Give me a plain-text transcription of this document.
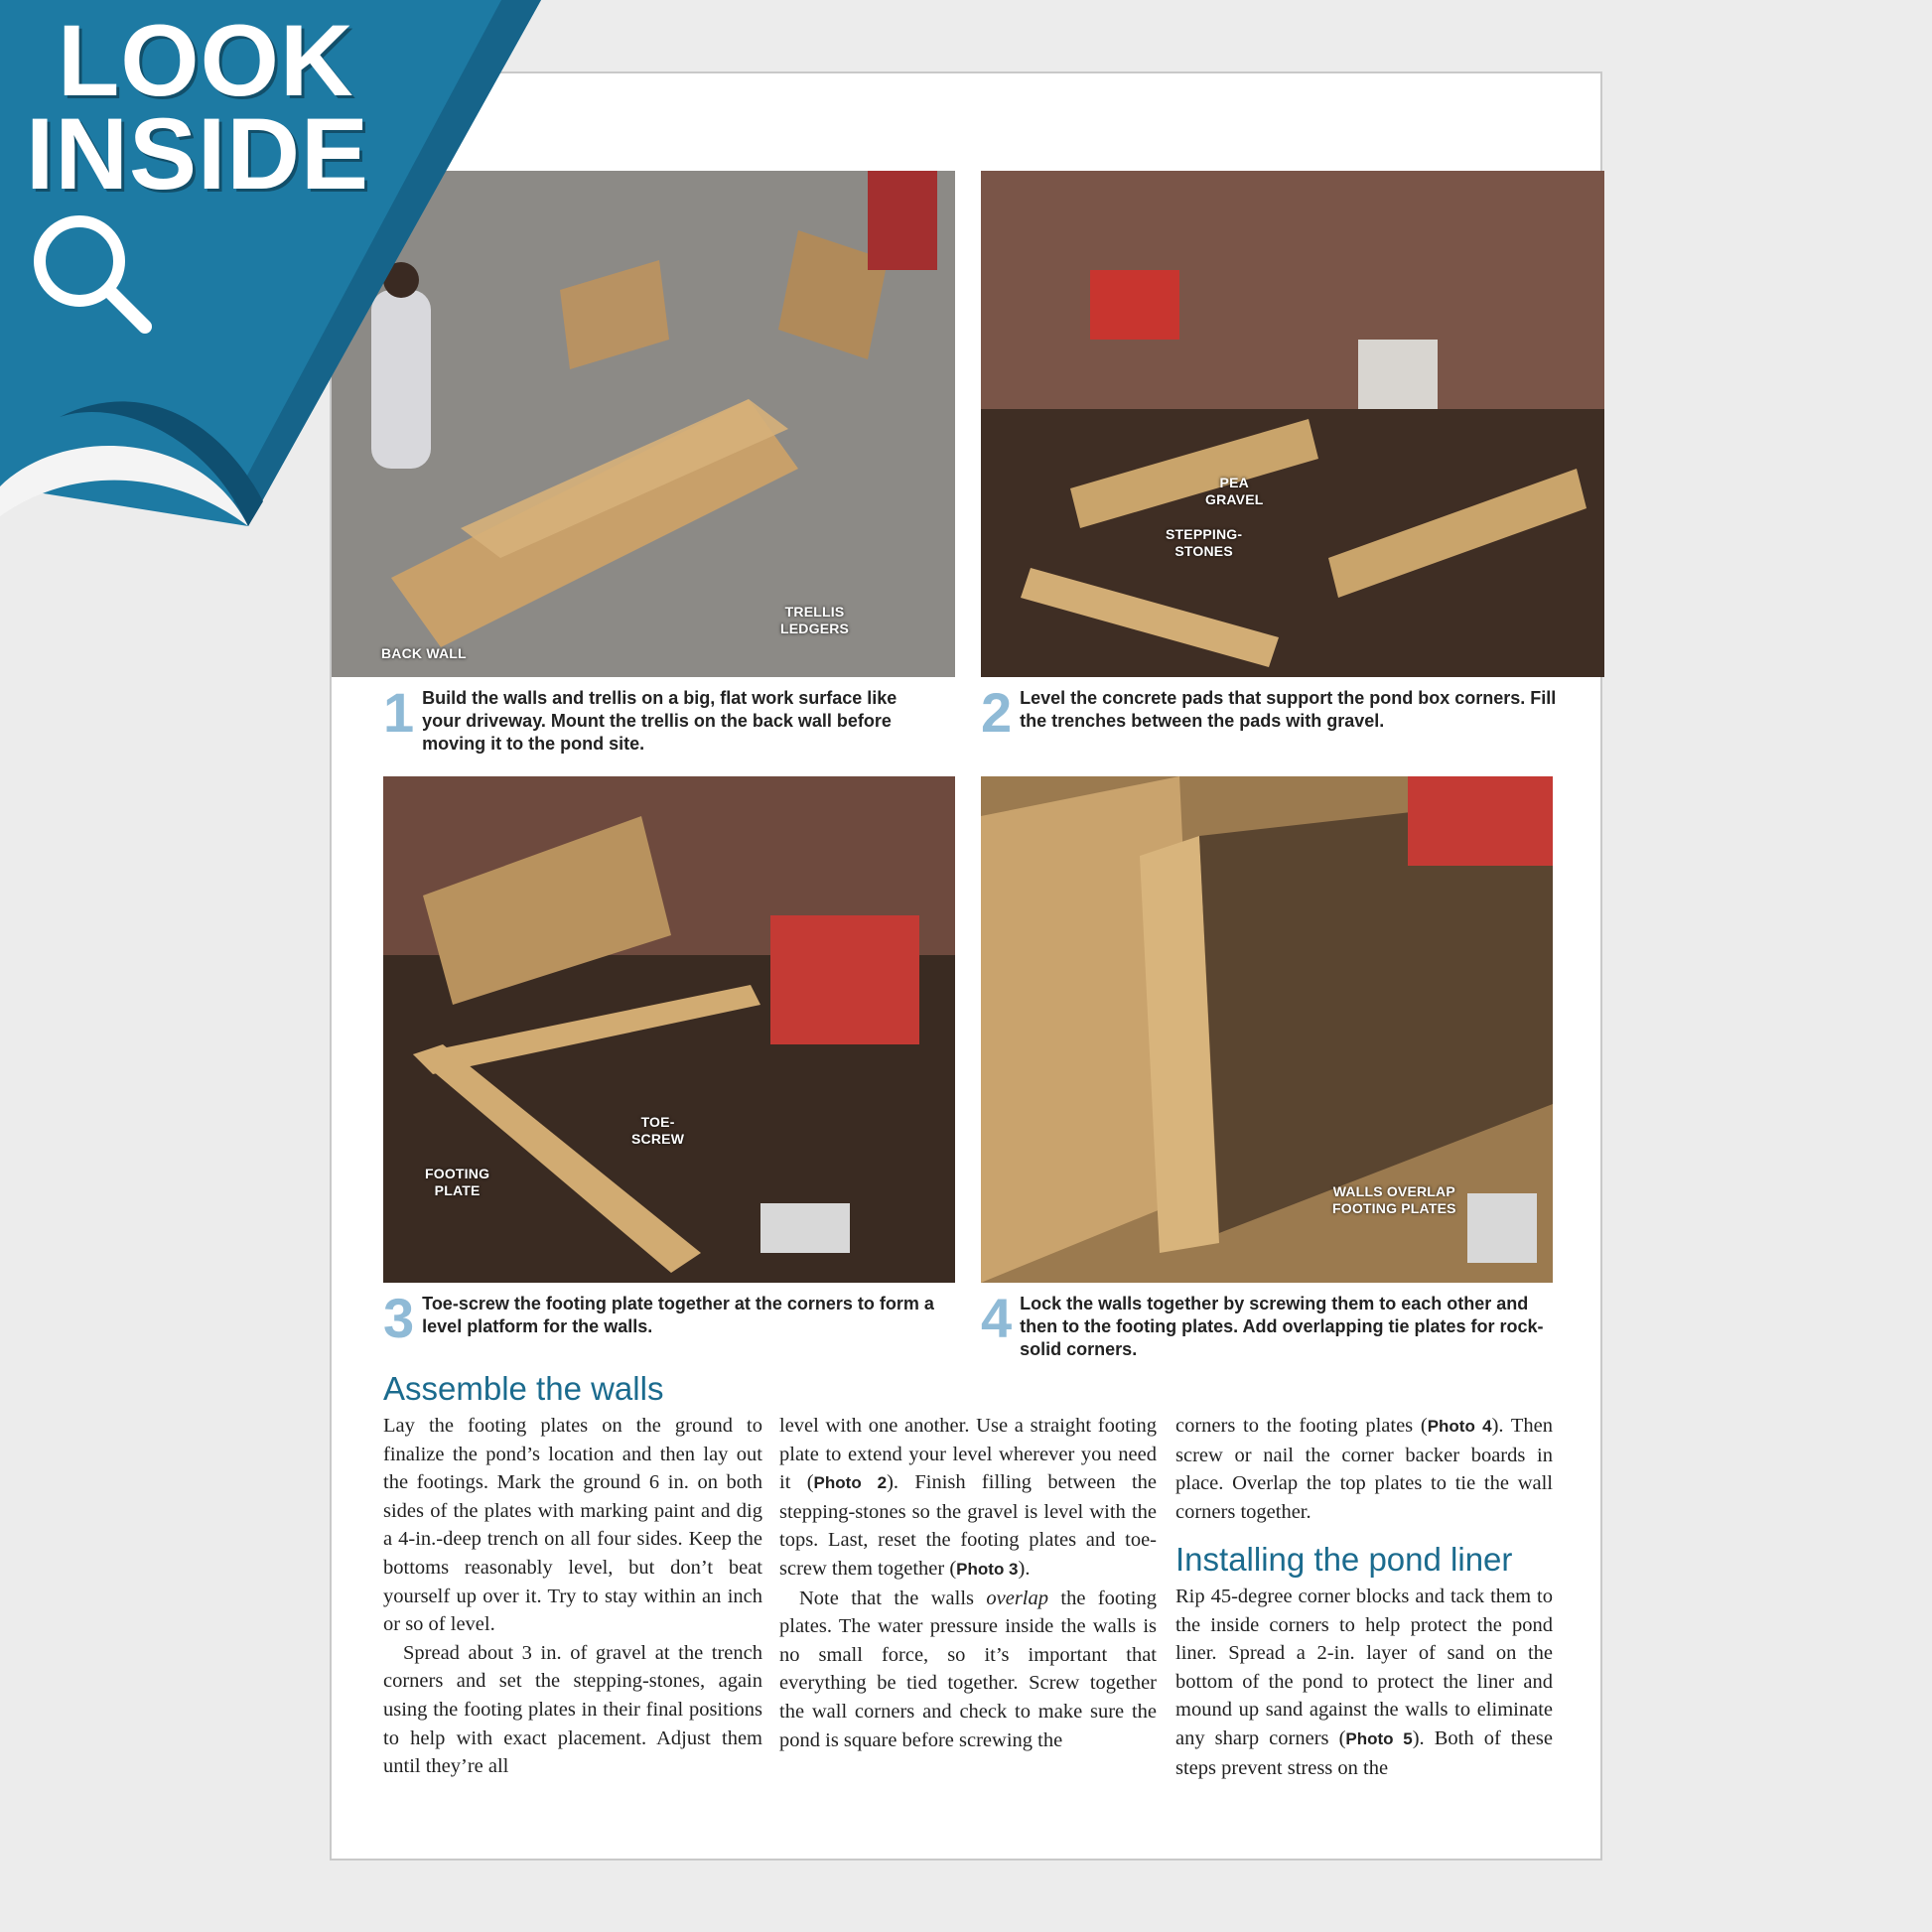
BACK WALL
TRELLIS
LEDGERS
PEA
GRAVEL
STEPPING-
STONES
TOE-
SCREW
FOOTING
PLATE	WALLS OVERLAP
FOOTING PLATES
1 Build the walls and trellis on a big, flat work surface like your driveway. Mount the trellis on the back wall before moving it to the pond site.	2 Level the concrete pads that support the pond box corners. Fill the trenches between the pads with gravel.
3 Toe-screw the footing plate together at the corners to form a level platform for the walls.	4 Lock the walls together by screwing them to each other and then to the footing plates. Add overlapping tie plates for rock-solid corners.
Assemble the walls

Lay the footing plates on the ground to finalize the pond’s location and then lay out the footings. Mark the ground 6 in. on both sides of the plates with marking paint and dig a 4-in.-deep trench on all four sides. Keep the bottoms reasonably level, but don’t beat yourself up over it. Try to stay within an inch or so of level.

Spread about 3 in. of gravel at the trench corners and set the stepping-stones, again using the footing plates in their final positions to help with exact placement. Adjust them until they’re all

level with one another. Use a straight footing plate to extend your level wherever you need it (Photo 2). Finish filling between the stepping-stones so the gravel is level with the tops. Last, reset the footing plates and toe-screw them together (Photo 3).

Note that the walls overlap the footing plates. The water pressure inside the walls is no small force, so it’s important that everything be tied together. Screw together the wall corners and check to make sure the pond is square before screwing the

corners to the footing plates (Photo 4). Then screw or nail the corner backer boards in place. Overlap the top plates to tie the wall corners together.

Installing the pond liner

Rip 45-degree corner blocks and tack them to the inside corners to help protect the pond liner. Spread a 2-in. layer of sand on the bottom of the pond to protect the liner and mound up sand against the walls to eliminate any sharp corners (Photo 5). Both of these steps prevent stress on the

LOOK
INSIDE
